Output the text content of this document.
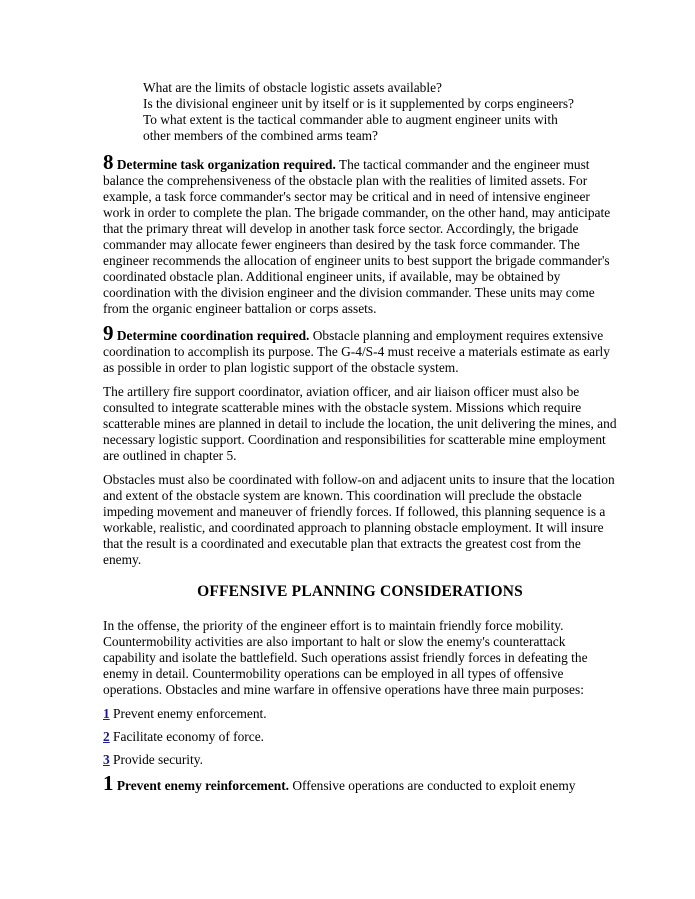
What are the limits of obstacle logistic assets available?
Is the divisional engineer unit by itself or is it supplemented by corps engineers?
To what extent is the tactical commander able to augment engineer units with
other members of the combined arms team?

8 Determine task organization required. The tactical commander and the engineer must balance the comprehensiveness of the obstacle plan with the realities of limited assets. For example, a task force commander's sector may be critical and in need of intensive engineer work in order to complete the plan. The brigade commander, on the other hand, may anticipate that the primary threat will develop in another task force sector. Accordingly, the brigade commander may allocate fewer engineers than desired by the task force commander. The engineer recommends the allocation of engineer units to best support the brigade commander's coordinated obstacle plan. Additional engineer units, if available, may be obtained by coordination with the division engineer and the division commander. These units may come from the organic engineer battalion or corps assets.

9 Determine coordination required. Obstacle planning and employment requires extensive coordination to accomplish its purpose. The G-4/S-4 must receive a materials estimate as early as possible in order to plan logistic support of the obstacle system.

The artillery fire support coordinator, aviation officer, and air liaison officer must also be consulted to integrate scatterable mines with the obstacle system. Missions which require scatterable mines are planned in detail to include the location, the unit delivering the mines, and necessary logistic support. Coordination and responsibilities for scatterable mine employment are outlined in chapter 5.

Obstacles must also be coordinated with follow-on and adjacent units to insure that the location and extent of the obstacle system are known. This coordination will preclude the obstacle impeding movement and maneuver of friendly forces. If followed, this planning sequence is a workable, realistic, and coordinated approach to planning obstacle employment. It will insure that the result is a coordinated and executable plan that extracts the greatest cost from the enemy.

OFFENSIVE PLANNING CONSIDERATIONS

In the offense, the priority of the engineer effort is to maintain friendly force mobility. Countermobility activities are also important to halt or slow the enemy's counterattack capability and isolate the battlefield. Such operations assist friendly forces in defeating the enemy in detail. Countermobility operations can be employed in all types of offensive operations. Obstacles and mine warfare in offensive operations have three main purposes:

1 Prevent enemy enforcement.

2 Facilitate economy of force.

3 Provide security.

1 Prevent enemy reinforcement. Offensive operations are conducted to exploit enemy
